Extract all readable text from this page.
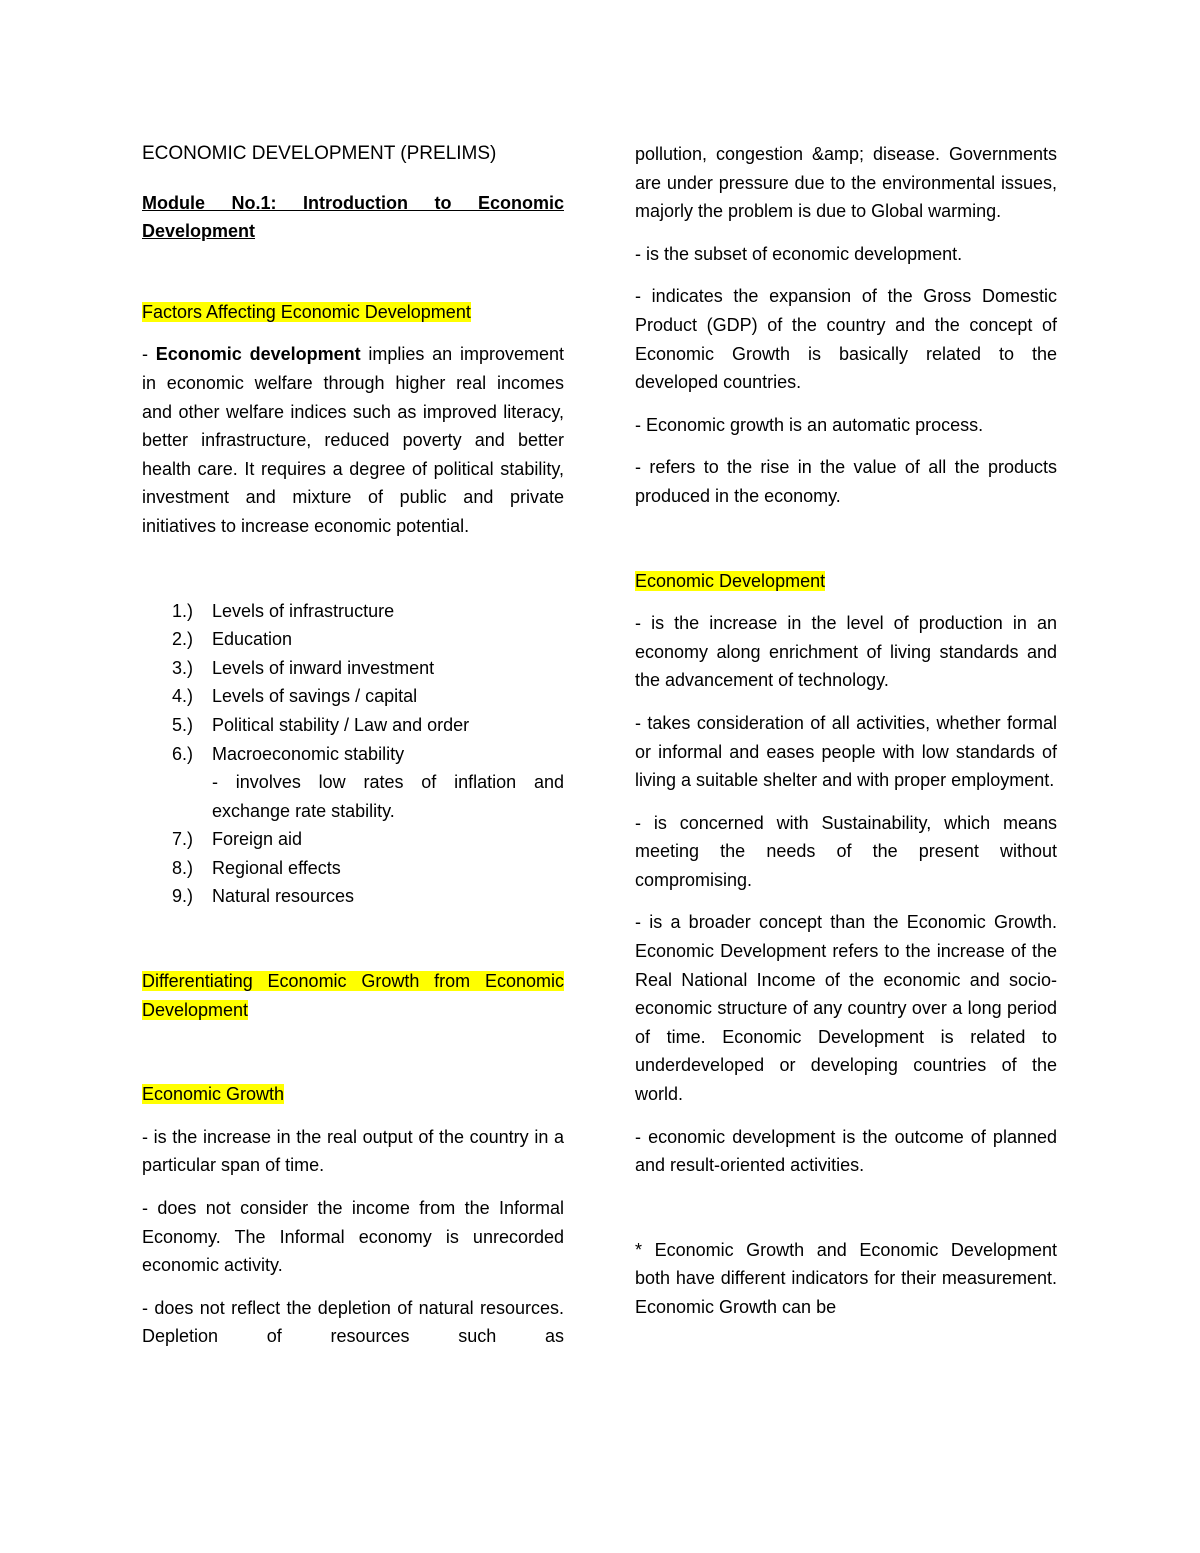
ECONOMIC DEVELOPMENT (PRELIMS)

Module No.1: Introduction to Economic Development

Factors Affecting Economic Development

- Economic development implies an improvement in economic welfare through higher real incomes and other welfare indices such as improved literacy, better infrastructure, reduced poverty and better health care. It requires a degree of political stability, investment and mixture of public and private initiatives to increase economic potential.

1.)	Levels of infrastructure
2.)	Education
3.)	Levels of inward investment
4.)	Levels of savings / capital
5.)	Political stability / Law and order
6.)	Macroeconomic stability
- involves low rates of inflation and exchange rate stability.
7.)	Foreign aid
8.)	Regional effects
9.)	Natural resources

Differentiating Economic Growth from Economic Development

Economic Growth

- is the increase in the real output of the country in a particular span of time.

- does not consider the income from the Informal Economy. The Informal economy is unrecorded economic activity.

- does not reflect the depletion of natural resources. Depletion of resources such as

pollution, congestion &amp; disease. Governments are under pressure due to the environmental issues, majorly the problem is due to Global warming.

- is the subset of economic development.

- indicates the expansion of the Gross Domestic Product (GDP) of the country and the concept of Economic Growth is basically related to the developed countries.

- Economic growth is an automatic process.

- refers to the rise in the value of all the products produced in the economy.

Economic Development

- is the increase in the level of production in an economy along enrichment of living standards and the advancement of technology.

- takes consideration of all activities, whether formal or informal and eases people with low standards of living a suitable shelter and with proper employment.

- is concerned with Sustainability, which means meeting the needs of the present without compromising.

- is a broader concept than the Economic Growth. Economic Development refers to the increase of the Real National Income of the economic and socio-economic structure of any country over a long period of time. Economic Development is related to underdeveloped or developing countries of the world.

- economic development is the outcome of planned and result-oriented activities.

* Economic Growth and Economic Development both have different indicators for their measurement. Economic Growth can be
